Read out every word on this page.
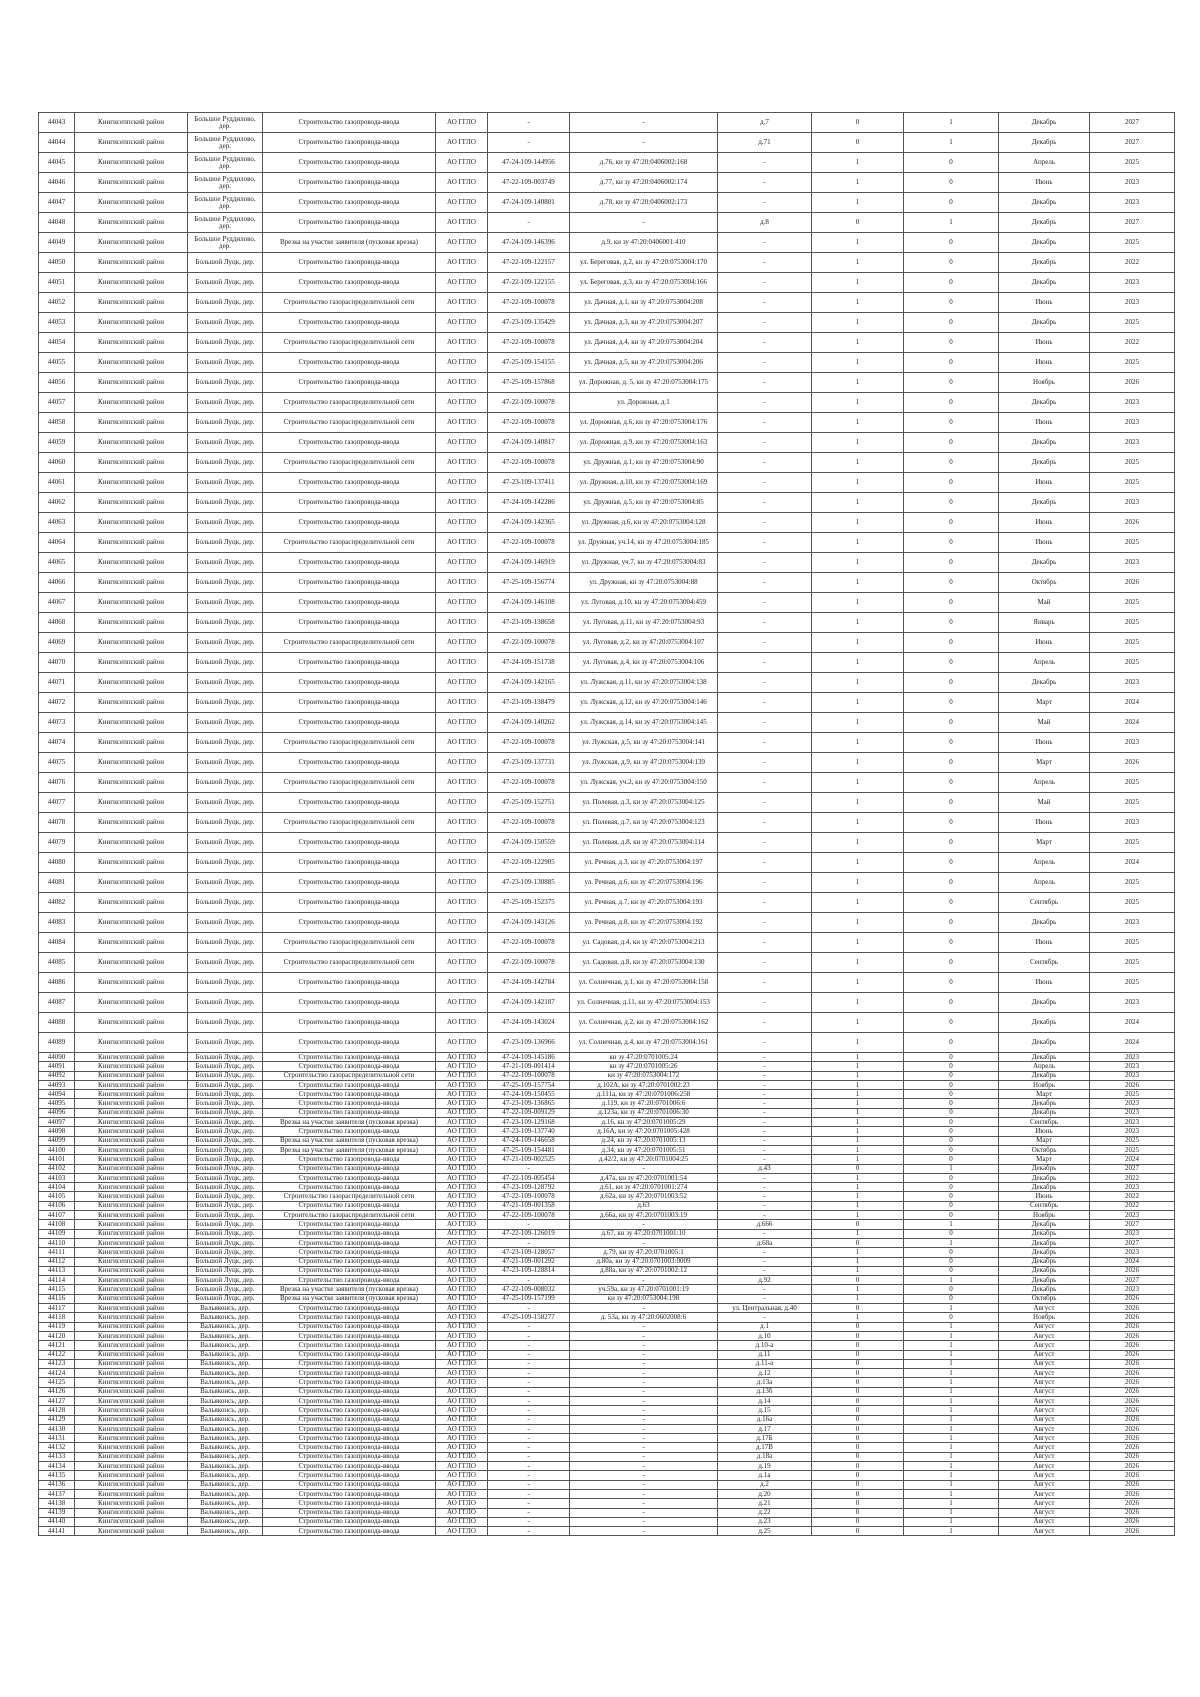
44043	Кингисеппский район	Большое Руддилово, дер.	Строительство газопровода-ввода	АО ГГЛО	-	-	д.7	0	1	Декабрь	2027
44044	Кингисеппский район	Большое Руддилово, дер.	Строительство газопровода-ввода	АО ГГЛО	-	-	д.71	0	1	Декабрь	2027
44045	Кингисеппский район	Большое Руддилово, дер.	Строительство газопровода-ввода	АО ГГЛО	47-24-109-144956	д.76, кн зу 47:20:0406002:168	-	1	0	Апрель	2025
44046	Кингисеппский район	Большое Руддилово, дер.	Строительство газопровода-ввода	АО ГГЛО	47-22-109-003749	д.77, кн зу 47:20:0406002:174	-	1	0	Июнь	2023
44047	Кингисеппский район	Большое Руддилово, дер.	Строительство газопровода-ввода	АО ГГЛО	47-24-109-140801	д.78, кн зу 47:20:0406002:173	-	1	0	Декабрь	2023
44048	Кингисеппский район	Большое Руддилово, дер.	Строительство газопровода-ввода	АО ГГЛО	-	-	д.8	0	1	Декабрь	2027
44049	Кингисеппский район	Большое Руддилово, дер.	Врезка на участке заявителя (пусковая врезка)	АО ГГЛО	47-24-109-146396	д.9, кн зу 47:20:0406001:410	-	1	0	Декабрь	2025
44050	Кингисеппский район	Большой Луцк, дер.	Строительство газопровода-ввода	АО ГГЛО	47-22-109-122157	ул. Береговая, д.2, кн зу 47:20:0753004:170	-	1	0	Декабрь	2022
44051	Кингисеппский район	Большой Луцк, дер.	Строительство газопровода-ввода	АО ГГЛО	47-22-109-122155	ул. Береговая, д.3, кн зу 47:20:0753004:166	-	1	0	Декабрь	2023
44052	Кингисеппский район	Большой Луцк, дер.	Строительство газораспределительной сети	АО ГГЛО	47-22-109-100078	ул. Дачная, д.1, кн зу 47:20:0753004:208	-	1	0	Июнь	2023
44053	Кингисеппский район	Большой Луцк, дер.	Строительство газопровода-ввода	АО ГГЛО	47-23-109-135429	ул. Дачная, д.3, кн зу 47:20:0753004:207	-	1	0	Декабрь	2025
44054	Кингисеппский район	Большой Луцк, дер.	Строительство газораспределительной сети	АО ГГЛО	47-22-109-100078	ул. Дачная, д.4, кн зу 47:20:0753004:204	-	1	0	Июнь	2022
44055	Кингисеппский район	Большой Луцк, дер.	Строительство газопровода-ввода	АО ГГЛО	47-25-109-154155	ул. Дачная, д.5, кн зу 47:20:0753004:206	-	1	0	Июнь	2025
44056	Кингисеппский район	Большой Луцк, дер.	Строительство газопровода-ввода	АО ГГЛО	47-25-109-157868	ул. Дорожная, д. 5, кн зу 47:20:0753004:175	-	1	0	Ноябрь	2026
44057	Кингисеппский район	Большой Луцк, дер.	Строительство газораспределительной сети	АО ГГЛО	47-22-109-100078	ул. Дорожная, д.1	-	1	0	Декабрь	2023
44058	Кингисеппский район	Большой Луцк, дер.	Строительство газораспределительной сети	АО ГГЛО	47-22-109-100078	ул. Дорожная, д.6, кн зу 47:20:0753004:176	-	1	0	Июнь	2023
44059	Кингисеппский район	Большой Луцк, дер.	Строительство газопровода-ввода	АО ГГЛО	47-24-109-140817	ул. Дорожная, д.9, кн зу 47:20:0753004:163	-	1	0	Декабрь	2023
44060	Кингисеппский район	Большой Луцк, дер.	Строительство газораспределительной сети	АО ГГЛО	47-22-109-100078	ул. Дружная, д.1, кн зу 47:20:0753004:90	-	1	0	Декабрь	2025
44061	Кингисеппский район	Большой Луцк, дер.	Строительство газопровода-ввода	АО ГГЛО	47-23-109-137411	ул. Дружная, д.10, кн зу 47:20:0753004:169	-	1	0	Июнь	2025
44062	Кингисеппский район	Большой Луцк, дер.	Строительство газопровода-ввода	АО ГГЛО	47-24-109-142286	ул. Дружная, д.5, кн зу 47:20:0753004:85	-	1	0	Декабрь	2023
44063	Кингисеппский район	Большой Луцк, дер.	Строительство газопровода-ввода	АО ГГЛО	47-24-109-142365	ул. Дружная, д.6, кн зу 47:20:0753004:128	-	1	0	Июнь	2026
44064	Кингисеппский район	Большой Луцк, дер.	Строительство газораспределительной сети	АО ГГЛО	47-22-109-100078	ул. Дружная, уч.14, кн зу 47:20:0753004:185	-	1	0	Июнь	2025
44065	Кингисеппский район	Большой Луцк, дер.	Строительство газопровода-ввода	АО ГГЛО	47-24-109-146919	ул. Дружная, уч.7, кн зу 47:20:0753004:83	-	1	0	Декабрь	2023
44066	Кингисеппский район	Большой Луцк, дер.	Строительство газопровода-ввода	АО ГГЛО	47-25-109-156774	ул. Дружная, кн зу 47:20:0753004:88	-	1	0	Октябрь	2026
44067	Кингисеппский район	Большой Луцк, дер.	Строительство газопровода-ввода	АО ГГЛО	47-24-109-146108	ул. Луговая, д.10, кн зу 47:20:0753004:459	-	1	0	Май	2025
44068	Кингисеппский район	Большой Луцк, дер.	Строительство газопровода-ввода	АО ГГЛО	47-23-109-138658	ул. Луговая, д.11, кн зу 47:20:0753004:93	-	1	0	Январь	2025
44069	Кингисеппский район	Большой Луцк, дер.	Строительство газораспределительной сети	АО ГГЛО	47-22-109-100078	ул. Луговая, д.2, кн зу 47:20:0753004:107	-	1	0	Июнь	2025
44070	Кингисеппский район	Большой Луцк, дер.	Строительство газопровода-ввода	АО ГГЛО	47-24-109-151738	ул. Луговая, д.4, кн зу 47:20:0753004:106	-	1	0	Апрель	2025
44071	Кингисеппский район	Большой Луцк, дер.	Строительство газопровода-ввода	АО ГГЛО	47-24-109-142165	ул. Лужская, д.11, кн зу 47:20:0753004:138	-	1	0	Декабрь	2023
44072	Кингисеппский район	Большой Луцк, дер.	Строительство газопровода-ввода	АО ГГЛО	47-23-109-138479	ул. Лужская, д.12, кн зу 47:20:0753004:146	-	1	0	Март	2024
44073	Кингисеппский район	Большой Луцк, дер.	Строительство газопровода-ввода	АО ГГЛО	47-24-109-140262	ул. Лужская, д.14, кн зу 47:20:0753004:145	-	1	0	Май	2024
44074	Кингисеппский район	Большой Луцк, дер.	Строительство газораспределительной сети	АО ГГЛО	47-22-109-100078	ул. Лужская, д.5, кн зу 47:20:0753004:141	-	1	0	Июнь	2023
44075	Кингисеппский район	Большой Луцк, дер.	Строительство газопровода-ввода	АО ГГЛО	47-23-109-137731	ул. Лужская, д.9, кн зу 47:20:0753004:139	-	1	0	Март	2026
44076	Кингисеппский район	Большой Луцк, дер.	Строительство газораспределительной сети	АО ГГЛО	47-22-109-100078	ул. Лужская, уч.2, кн зу 47:20:0753004:150	-	1	0	Апрель	2025
44077	Кингисеппский район	Большой Луцк, дер.	Строительство газопровода-ввода	АО ГГЛО	47-25-109-152751	ул. Полевая, д.3, кн зу 47:20:0753004:125	-	1	0	Май	2025
44078	Кингисеппский район	Большой Луцк, дер.	Строительство газораспределительной сети	АО ГГЛО	47-22-109-100078	ул. Полевая, д.7, кн зу 47:20:0753004:123	-	1	0	Июнь	2023
44079	Кингисеппский район	Большой Луцк, дер.	Строительство газопровода-ввода	АО ГГЛО	47-24-109-150559	ул. Полевая, д.8, кн зу 47:20:0753004:114	-	1	0	Март	2025
44080	Кингисеппский район	Большой Луцк, дер.	Строительство газопровода-ввода	АО ГГЛО	47-22-109-122905	ул. Речная, д.3, кн зу 47:20:0753004:197	-	1	0	Апрель	2024
44081	Кингисеппский район	Большой Луцк, дер.	Строительство газопровода-ввода	АО ГГЛО	47-23-109-130885	ул. Речная, д.6, кн зу 47:20:0753004:196	-	1	0	Апрель	2025
44082	Кингисеппский район	Большой Луцк, дер.	Строительство газопровода-ввода	АО ГГЛО	47-25-109-152375	ул. Речная, д.7, кн зу 47:20:0753004:193	-	1	0	Сентябрь	2025
44083	Кингисеппский район	Большой Луцк, дер.	Строительство газопровода-ввода	АО ГГЛО	47-24-109-143126	ул. Речная, д.8, кн зу 47:20:0753004:192	-	1	0	Декабрь	2023
44084	Кингисеппский район	Большой Луцк, дер.	Строительство газораспределительной сети	АО ГГЛО	47-22-109-100078	ул. Садовая, д.4, кн зу 47:20:0753004:213	-	1	0	Июнь	2025
44085	Кингисеппский район	Большой Луцк, дер.	Строительство газораспределительной сети	АО ГГЛО	47-22-109-100078	ул. Садовая, д.8, кн зу 47:20:0753004:130	-	1	0	Сентябрь	2025
44086	Кингисеппский район	Большой Луцк, дер.	Строительство газопровода-ввода	АО ГГЛО	47-24-109-142784	ул. Солнечная, д.1, кн зу 47:20:0753004:158	-	1	0	Июнь	2025
44087	Кингисеппский район	Большой Луцк, дер.	Строительство газопровода-ввода	АО ГГЛО	47-24-109-142187	ул. Солнечная, д.11, кн зу 47:20:0753004:153	-	1	0	Декабрь	2023
44088	Кингисеппский район	Большой Луцк, дер.	Строительство газопровода-ввода	АО ГГЛО	47-24-109-143024	ул. Солнечная, д.2, кн зу 47:20:0753004:162	-	1	0	Декабрь	2024
44089	Кингисеппский район	Большой Луцк, дер.	Строительство газопровода-ввода	АО ГГЛО	47-23-109-136966	ул. Солнечная, д.4, кн зу 47:20:0753004:161	-	1	0	Декабрь	2024
44090	Кингисеппский район	Большой Луцк, дер.	Строительство газопровода-ввода	АО ГГЛО	47-24-109-145186	кн зу 47:20:0701005:24	-	1	0	Декабрь	2023
44091	Кингисеппский район	Большой Луцк, дер.	Строительство газопровода-ввода	АО ГГЛО	47-21-109-001414	кн зу 47:20:0701005:26	-	1	0	Апрель	2023
44092	Кингисеппский район	Большой Луцк, дер.	Строительство газораспределительной сети	АО ГГЛО	47-22-109-100078	кн зу 47:20:0753004:172	-	1	0	Декабрь	2023
44093	Кингисеппский район	Большой Луцк, дер.	Строительство газопровода-ввода	АО ГГЛО	47-25-109-157754	д.102А, кн зу 47:20:0701002:23	-	1	0	Ноябрь	2026
44094	Кингисеппский район	Большой Луцк, дер.	Строительство газопровода-ввода	АО ГГЛО	47-24-109-150455	д.111а, кн зу 47:20:0701006:258	-	1	0	Март	2025
44095	Кингисеппский район	Большой Луцк, дер.	Строительство газопровода-ввода	АО ГГЛО	47-23-109-136865	д.119, кн зу 47:20:0701006:6	-	1	0	Декабрь	2023
44096	Кингисеппский район	Большой Луцк, дер.	Строительство газопровода-ввода	АО ГГЛО	47-22-109-009129	д.123а, кн зу 47:20:0701006:30	-	1	0	Декабрь	2023
44097	Кингисеппский район	Большой Луцк, дер.	Врезка на участке заявителя (пусковая врезка)	АО ГГЛО	47-23-109-129168	д.16, кн зу 47:20:0701005:29	-	1	0	Сентябрь	2023
44098	Кингисеппский район	Большой Луцк, дер.	Строительство газопровода-ввода	АО ГГЛО	47-23-109-137740	д.16А, кн зу 47:20:0701005:428	-	1	0	Июнь	2023
44099	Кингисеппский район	Большой Луцк, дер.	Врезка на участке заявителя (пусковая врезка)	АО ГГЛО	47-24-109-146658	д.24, кн зу 47:20:0701005:13	-	1	0	Март	2025
44100	Кингисеппский район	Большой Луцк, дер.	Врезка на участке заявителя (пусковая врезка)	АО ГГЛО	47-25-109-154481	д.34, кн зу 47:20:0701005:51	-	1	0	Октябрь	2025
44101	Кингисеппский район	Большой Луцк, дер.	Строительство газопровода-ввода	АО ГГЛО	47-21-109-002525	д.42/2, кн зу 47:20:0701004:25	-	1	0	Март	2024
44102	Кингисеппский район	Большой Луцк, дер.	Строительство газопровода-ввода	АО ГГЛО	-	-	д.43	0	1	Декабрь	2027
44103	Кингисеппский район	Большой Луцк, дер.	Строительство газопровода-ввода	АО ГГЛО	47-22-109-005454	д.47а, кн зу 47:20:0701001:54	-	1	0	Декабрь	2022
44104	Кингисеппский район	Большой Луцк, дер.	Строительство газопровода-ввода	АО ГГЛО	47-23-109-128792	д.61, кн зу 47:20:0701001:274	-	1	0	Декабрь	2023
44105	Кингисеппский район	Большой Луцк, дер.	Строительство газораспределительной сети	АО ГГЛО	47-22-109-100078	д.62а, кн зу 47:20:0701003:52	-	1	0	Июнь	2022
44106	Кингисеппский район	Большой Луцк, дер.	Строительство газопровода-ввода	АО ГГЛО	47-21-109-001358	д.63	-	1	0	Сентябрь	2022
44107	Кингисеппский район	Большой Луцк, дер.	Строительство газораспределительной сети	АО ГГЛО	47-22-109-100078	д.66а, кн зу 47:20:0701003:19	-	1	0	Ноябрь	2023
44108	Кингисеппский район	Большой Луцк, дер.	Строительство газопровода-ввода	АО ГГЛО	-	-	д.666	0	1	Декабрь	2027
44109	Кингисеппский район	Большой Луцк, дер.	Строительство газопровода-ввода	АО ГГЛО	47-22-109-126019	д.67, кн зу 47:20:0701001:10	-	1	0	Декабрь	2023
44110	Кингисеппский район	Большой Луцк, дер.	Строительство газопровода-ввода	АО ГГЛО	-	-	д.68а	0	1	Декабрь	2027
44111	Кингисеппский район	Большой Луцк, дер.	Строительство газопровода-ввода	АО ГГЛО	47-23-109-128057	д.79, кн зу 47:20:0701005:1	-	1	0	Декабрь	2023
44112	Кингисеппский район	Большой Луцк, дер.	Строительство газопровода-ввода	АО ГГЛО	47-21-109-001292	д.80а, кн зу 47:20:0701003:0009	-	1	0	Декабрь	2024
44113	Кингисеппский район	Большой Луцк, дер.	Строительство газопровода-ввода	АО ГГЛО	47-23-109-128814	д.88а, кн зу 47:20:0701002:12	-	1	0	Декабрь	2026
44114	Кингисеппский район	Большой Луцк, дер.	Строительство газопровода-ввода	АО ГГЛО	-	-	д.92	0	1	Декабрь	2027
44115	Кингисеппский район	Большой Луцк, дер.	Врезка на участке заявителя (пусковая врезка)	АО ГГЛО	47-22-109-008032	уч.59а, кн зу 47:20:0701001:19	-	1	0	Декабрь	2023
44116	Кингисеппский район	Большой Луцк, дер.	Врезка на участке заявителя (пусковая врезка)	АО ГГЛО	47-25-109-157199	кн зу 47:20:0753004:198	-	1	0	Октябрь	2026
44117	Кингисеппский район	Вальяконсь, дер.	Строительство газопровода-ввода	АО ГГЛО	-	-	ул. Центральная, д.40	0	1	Август	2026
44118	Кингисеппский район	Вальяконсь, дер.	Строительство газопровода-ввода	АО ГГЛО	47-25-109-158277	д. 53а, кн зу 47:20:0602008:6	-	1	0	Ноябрь	2026
44119	Кингисеппский район	Вальяконсь, дер.	Строительство газопровода-ввода	АО ГГЛО	-	-	д.1	0	1	Август	2026
44120	Кингисеппский район	Вальяконсь, дер.	Строительство газопровода-ввода	АО ГГЛО	-	-	д.10	0	1	Август	2026
44121	Кингисеппский район	Вальяконсь, дер.	Строительство газопровода-ввода	АО ГГЛО	-	-	д.10-а	0	1	Август	2026
44122	Кингисеппский район	Вальяконсь, дер.	Строительство газопровода-ввода	АО ГГЛО	-	-	д.11	0	1	Август	2026
44123	Кингисеппский район	Вальяконсь, дер.	Строительство газопровода-ввода	АО ГГЛО	-	-	д.11-а	0	1	Август	2026
44124	Кингисеппский район	Вальяконсь, дер.	Строительство газопровода-ввода	АО ГГЛО	-	-	д.12	0	1	Август	2026
44125	Кингисеппский район	Вальяконсь, дер.	Строительство газопровода-ввода	АО ГГЛО	-	-	д.13а	0	1	Август	2026
44126	Кингисеппский район	Вальяконсь, дер.	Строительство газопровода-ввода	АО ГГЛО	-	-	д.13б	0	1	Август	2026
44127	Кингисеппский район	Вальяконсь, дер.	Строительство газопровода-ввода	АО ГГЛО	-	-	д.14	0	1	Август	2026
44128	Кингисеппский район	Вальяконсь, дер.	Строительство газопровода-ввода	АО ГГЛО	-	-	д.15	0	1	Август	2026
44129	Кингисеппский район	Вальяконсь, дер.	Строительство газопровода-ввода	АО ГГЛО	-	-	д.16а	0	1	Август	2026
44130	Кингисеппский район	Вальяконсь, дер.	Строительство газопровода-ввода	АО ГГЛО	-	-	д.17	0	1	Август	2026
44131	Кингисеппский район	Вальяконсь, дер.	Строительство газопровода-ввода	АО ГГЛО	-	-	д.17Б	0	1	Август	2026
44132	Кингисеппский район	Вальяконсь, дер.	Строительство газопровода-ввода	АО ГГЛО	-	-	д.17В	0	1	Август	2026
44133	Кингисеппский район	Вальяконсь, дер.	Строительство газопровода-ввода	АО ГГЛО	-	-	д.18а	0	1	Август	2026
44134	Кингисеппский район	Вальяконсь, дер.	Строительство газопровода-ввода	АО ГГЛО	-	-	д.19	0	1	Август	2026
44135	Кингисеппский район	Вальяконсь, дер.	Строительство газопровода-ввода	АО ГГЛО	-	-	д.1а	0	1	Август	2026
44136	Кингисеппский район	Вальяконсь, дер.	Строительство газопровода-ввода	АО ГГЛО	-	-	д.2	0	1	Август	2026
44137	Кингисеппский район	Вальяконсь, дер.	Строительство газопровода-ввода	АО ГГЛО	-	-	д.20	0	1	Август	2026
44138	Кингисеппский район	Вальяконсь, дер.	Строительство газопровода-ввода	АО ГГЛО	-	-	д.21	0	1	Август	2026
44139	Кингисеппский район	Вальяконсь, дер.	Строительство газопровода-ввода	АО ГГЛО	-	-	д.22	0	1	Август	2026
44140	Кингисеппский район	Вальяконсь, дер.	Строительство газопровода-ввода	АО ГГЛО	-	-	д.23	0	1	Август	2026
44141	Кингисеппский район	Вальяконсь, дер.	Строительство газопровода-ввода	АО ГГЛО	-	-	д.25	0	1	Август	2026
